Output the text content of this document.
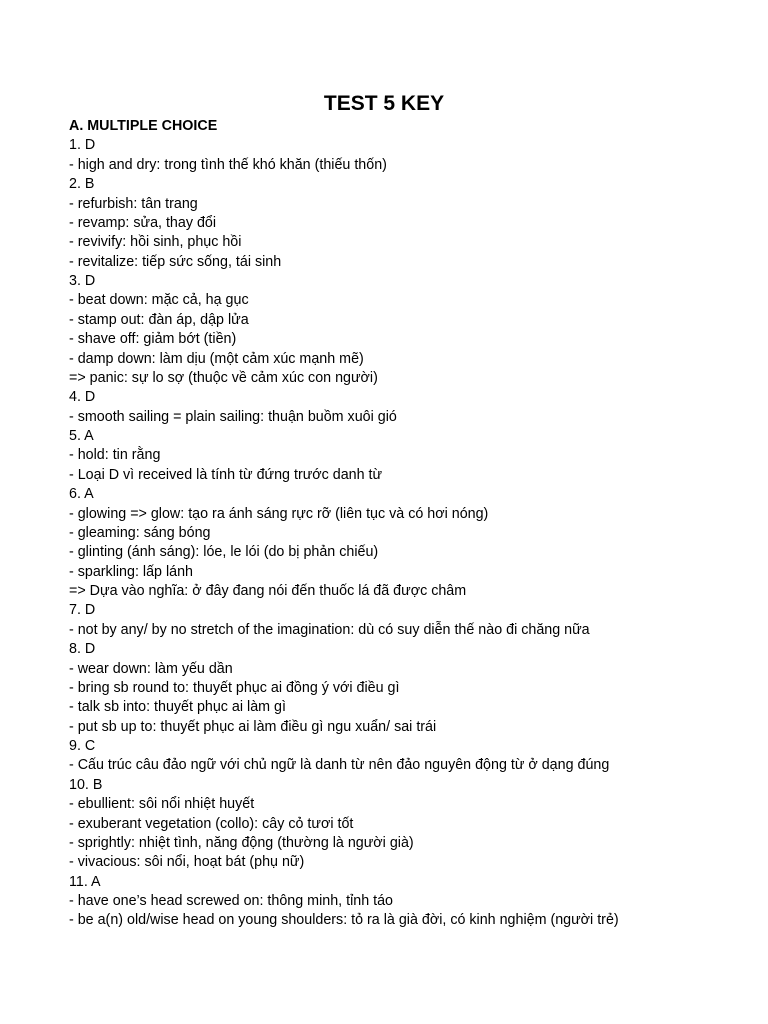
TEST 5 KEY
A. MULTIPLE CHOICE
1. D
- high and dry: trong tình thế khó khăn (thiếu thốn)
2. B
- refurbish: tân trang
- revamp: sửa, thay đổi
- revivify: hồi sinh, phục hồi
- revitalize: tiếp sức sống, tái sinh
3. D
- beat down: mặc cả, hạ gục
- stamp out: đàn áp, dập lửa
- shave off: giảm bớt (tiền)
- damp down: làm dịu (một cảm xúc mạnh mẽ)
=> panic: sự lo sợ (thuộc về cảm xúc con người)
4. D
- smooth sailing = plain sailing: thuận buồm xuôi gió
5. A
- hold: tin rằng
- Loại D vì received là tính từ đứng trước danh từ
6. A
- glowing => glow: tạo ra ánh sáng rực rỡ (liên tục và có hơi nóng)
- gleaming: sáng bóng
- glinting (ánh sáng): lóe, le lói (do bị phản chiếu)
- sparkling: lấp lánh
=> Dựa vào nghĩa: ở đây đang nói đến thuốc lá đã được châm
7. D
- not by any/ by no stretch of the imagination: dù có suy diễn thế nào đi chăng nữa
8. D
- wear down: làm yếu dần
- bring sb round to: thuyết phục ai đồng ý với điều gì
- talk sb into: thuyết phục ai làm gì
- put sb up to: thuyết phục ai làm điều gì ngu xuẩn/ sai trái
9. C
- Cấu trúc câu đảo ngữ với chủ ngữ là danh từ nên đảo nguyên động từ ở dạng đúng
10. B
- ebullient: sôi nổi nhiệt huyết
- exuberant vegetation (collo): cây cỏ tươi tốt
- sprightly: nhiệt tình, năng động (thường là người già)
- vivacious: sôi nổi, hoạt bát (phụ nữ)
11. A
- have one’s head screwed on: thông minh, tỉnh táo
- be a(n) old/wise head on young shoulders: tỏ ra là già đời, có kinh nghiệm (người trẻ)
